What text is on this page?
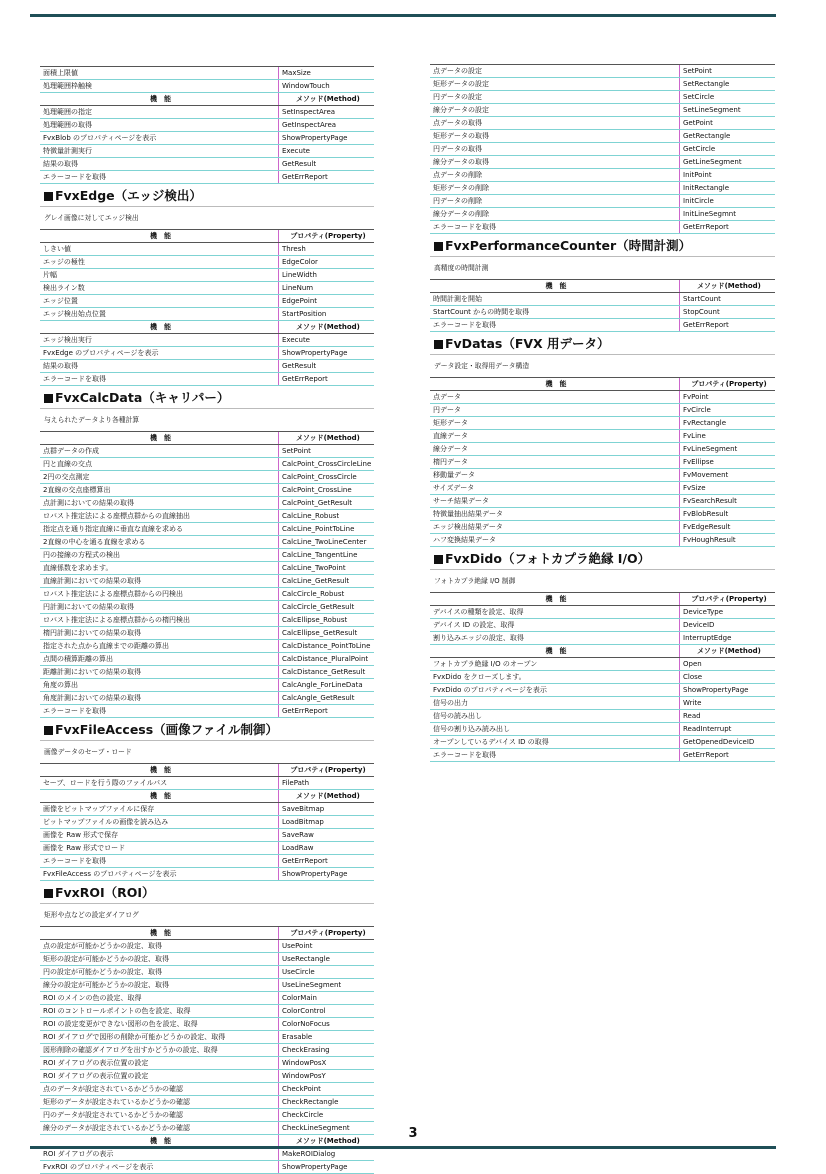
面積上限値	MaxSize
処理範囲枠触検	WindowTouch
機　能	メソッド(Method)
処理範囲の指定	SetInspectArea
処理範囲の取得	GetInspectArea
FvxBlob のプロパティページを表示	ShowPropertyPage
特徴量計測実行	Execute
結果の取得	GetResult
エラーコードを取得	GetErrReport
FvxEdge（エッジ検出）
グレイ画像に対してエッジ検出
機　能	プロパティ(Property)
しきい値	Thresh
エッジの極性	EdgeColor
片幅	LineWidth
検出ライン数	LineNum
エッジ位置	EdgePoint
エッジ検出始点位置	StartPosition
機　能	メソッド(Method)
エッジ検出実行	Execute
FvxEdge のプロパティページを表示	ShowPropertyPage
結果の取得	GetResult
エラーコードを取得	GetErrReport
FvxCalcData（キャリパー）
与えられたデータより各種計算
機　能	メソッド(Method)
点群データの作成	SetPoint
円と直線の交点	CalcPoint_CrossCircleLine
2円の交点測定	CalcPoint_CrossCircle
2直線の交点座標算出	CalcPoint_CrossLine
点計測においての結果の取得	CalcPoint_GetResult
ロバスト推定法による座標点群からの直線抽出	CalcLine_Robust
指定点を通り指定直線に垂直な直線を求める	CalcLine_PointToLine
2直線の中心を通る直線を求める	CalcLine_TwoLineCenter
円の接線の方程式の検出	CalcLine_TangentLine
直線係数を求めます。	CalcLine_TwoPoint
直線計測においての結果の取得	CalcLine_GetResult
ロバスト推定法による座標点群からの円検出	CalcCircle_Robust
円計測においての結果の取得	CalcCircle_GetResult
ロバスト推定法による座標点群からの楕円検出	CalcEllipse_Robust
楕円計測においての結果の取得	CalcEllipse_GetResult
指定された点から直線までの距離の算出	CalcDistance_PointToLine
点間の積算距離の算出	CalcDistance_PluralPoint
距離計測においての結果の取得	CalcDistance_GetResult
角度の算出	CalcAngle_ForLineData
角度計測においての結果の取得	CalcAngle_GetResult
エラーコードを取得	GetErrReport
FvxFileAccess（画像ファイル制御）
画像データのセーブ・ロード
機　能	プロパティ(Property)
セーブ、ロードを行う際のファイルパス	FilePath
機　能	メソッド(Method)
画像をビットマップファイルに保存	SaveBitmap
ビットマップファイルの画像を読み込み	LoadBitmap
画像を Raw 形式で保存	SaveRaw
画像を Raw 形式でロード	LoadRaw
エラーコードを取得	GetErrReport
FvxFileAccess のプロパティページを表示	ShowPropertyPage
FvxROI（ROI）
矩形や点などの設定ダイアログ
機　能	プロパティ(Property)
点の設定が可能かどうかの設定、取得	UsePoint
矩形の設定が可能かどうかの設定、取得	UseRectangle
円の設定が可能かどうかの設定、取得	UseCircle
線分の設定が可能かどうかの設定、取得	UseLineSegment
ROI のメインの色の設定、取得	ColorMain
ROI のコントロールポイントの色を設定、取得	ColorControl
ROI の設定変更ができない図形の色を設定、取得	ColorNoFocus
ROI ダイアログで図形の削除か可能かどうかの設定、取得	Erasable
図形削除の確認ダイアログを出すかどうかの設定、取得	CheckErasing
ROI ダイアログの表示位置の設定	WindowPosX
ROI ダイアログの表示位置の設定	WindowPosY
点のデータが設定されているかどうかの確認	CheckPoint
矩形のデータが設定されているかどうかの確認	CheckRectangle
円のデータが設定されているかどうかの確認	CheckCircle
線分のデータが設定されているかどうかの確認	CheckLineSegment
機　能	メソッド(Method)
ROI ダイアログの表示	MakeROIDialog
FvxROI のプロパティページを表示	ShowPropertyPage
点データの設定	SetPoint
矩形データの設定	SetRectangle
円データの設定	SetCircle
線分データの設定	SetLineSegment
点データの取得	GetPoint
矩形データの取得	GetRectangle
円データの取得	GetCircle
線分データの取得	GetLineSegment
点データの削除	InitPoint
矩形データの削除	InitRectangle
円データの削除	InitCircle
線分データの削除	InitLineSegmnt
エラーコードを取得	GetErrReport
FvxPerformanceCounter（時間計測）
高精度の時間計測
機　能	メソッド(Method)
時間計測を開始	StartCount
StartCount からの時間を取得	StopCount
エラーコードを取得	GetErrReport
FvDatas（FVX 用データ）
データ設定・取得用データ構造
機　能	プロパティ(Property)
点データ	FvPoint
円データ	FvCircle
矩形データ	FvRectangle
直線データ	FvLine
線分データ	FvLineSegment
楕円データ	FvEllipse
移動量データ	FvMovement
サイズデータ	FvSize
サーチ結果データ	FvSearchResult
特徴量抽出結果データ	FvBlobResult
エッジ検出結果データ	FvEdgeResult
ハフ変換結果データ	FvHoughResult
FvxDido（フォトカプラ絶縁 I/O）
フォトカプラ絶縁 I/O 制御
機　能	プロパティ(Property)
デバイスの種類を設定、取得	DeviceType
デバイス ID の設定、取得	DeviceID
割り込みエッジの設定、取得	InterruptEdge
機　能	メソッド(Method)
フォトカプラ絶縁 I/O のオープン	Open
FvxDido をクローズします。	Close
FvxDido のプロパティページを表示	ShowPropertyPage
信号の出力	Write
信号の読み出し	Read
信号の割り込み読み出し	ReadInterrupt
オープンしているデバイス ID の取得	GetOpenedDeviceID
エラーコードを取得	GetErrReport
3
